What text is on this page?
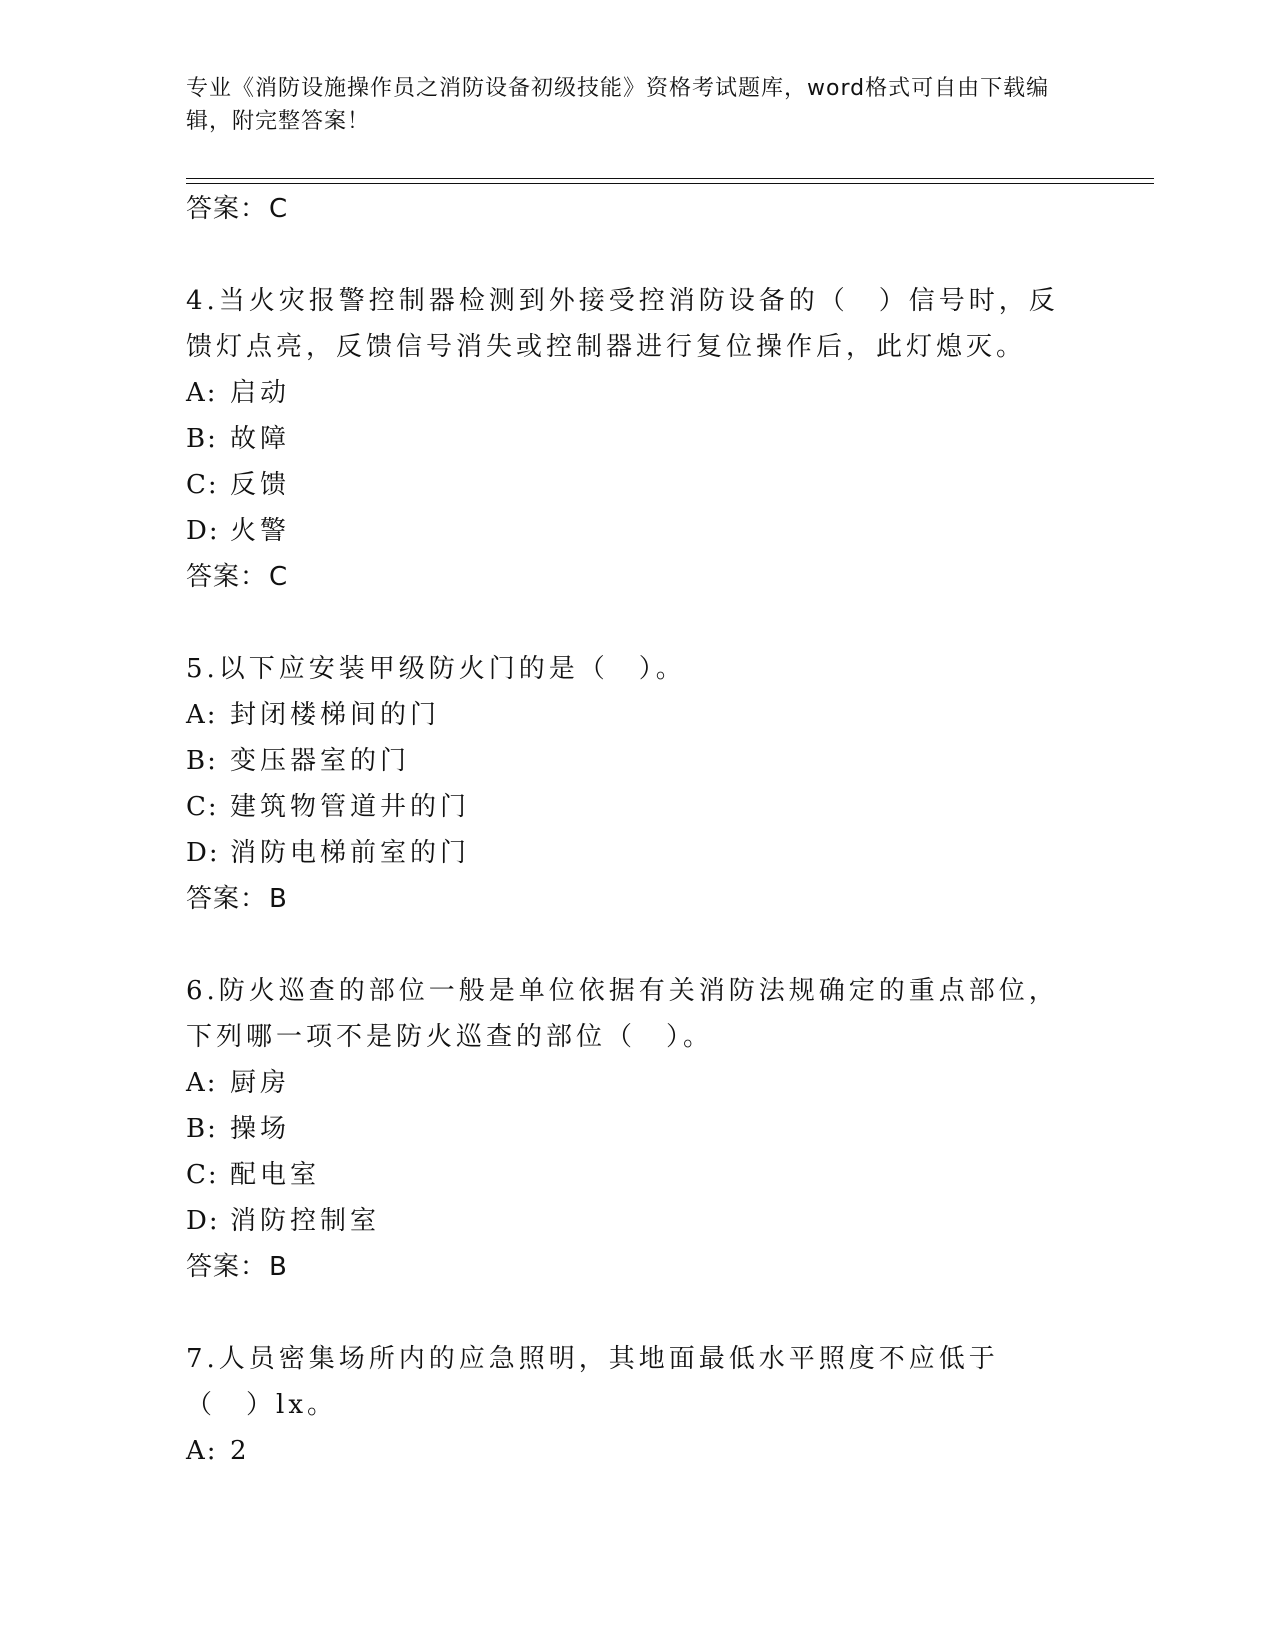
专业《消防设施操作员之消防设备初级技能》资格考试题库，word格式可自由下载编辑，附完整答案！

答案：C

4.当火灾报警控制器检测到外接受控消防设备的（　）信号时，反馈灯点亮，反馈信号消失或控制器进行复位操作后，此灯熄灭。

A: 启动

B: 故障

C: 反馈

D: 火警

答案：C

5.以下应安装甲级防火门的是（　）。

A: 封闭楼梯间的门

B: 变压器室的门

C: 建筑物管道井的门

D: 消防电梯前室的门

答案：B

6.防火巡查的部位一般是单位依据有关消防法规确定的重点部位，下列哪一项不是防火巡查的部位（　）。

A: 厨房

B: 操场

C: 配电室

D: 消防控制室

答案：B

7.人员密集场所内的应急照明，其地面最低水平照度不应低于（　）lx。

A: 2
